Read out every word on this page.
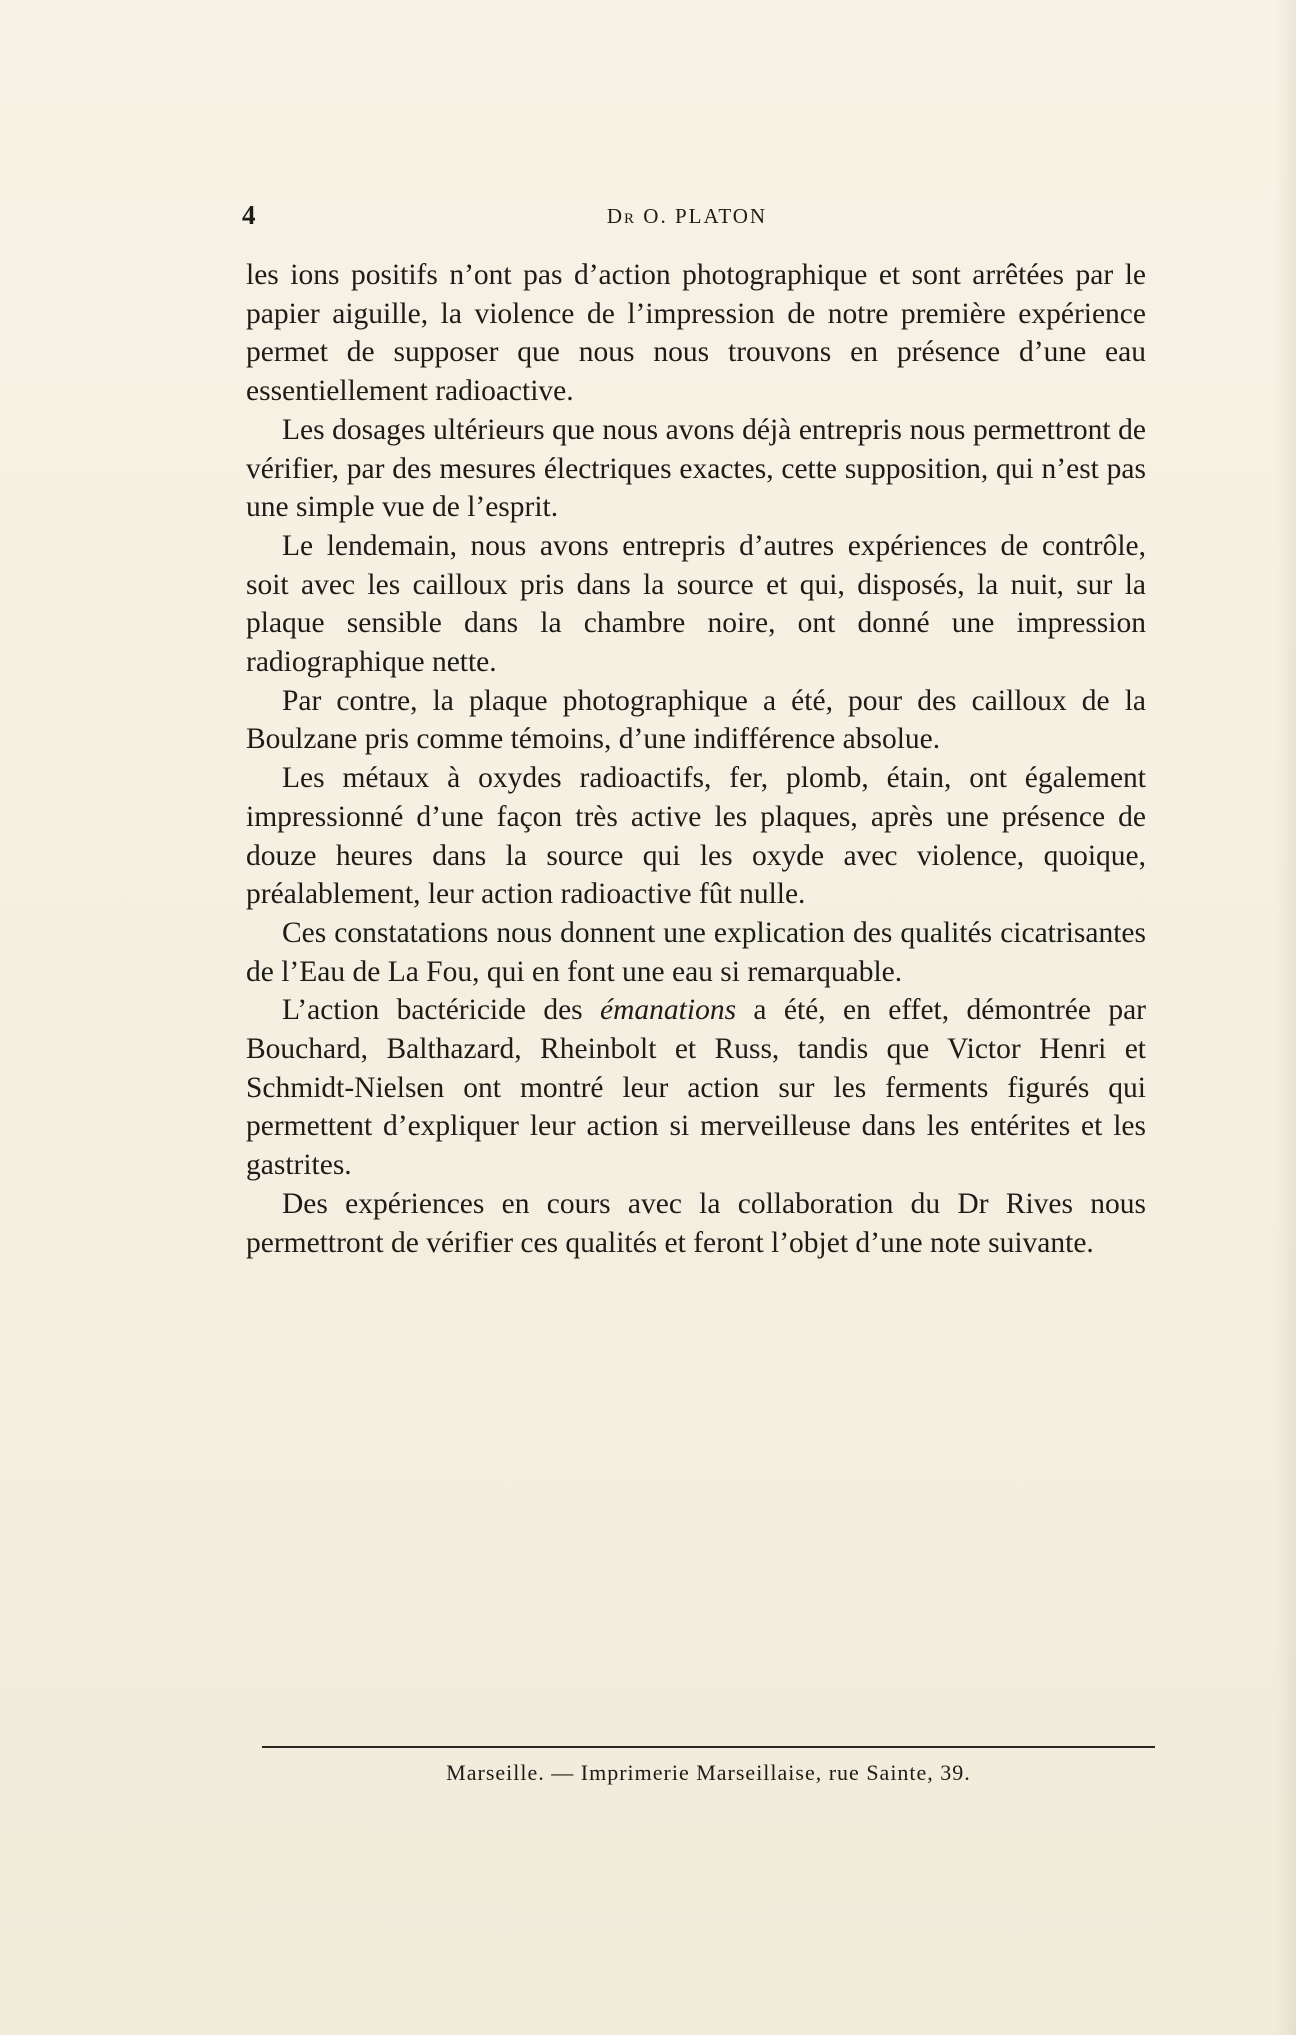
4	Dr O. PLATON

les ions positifs n’ont pas d’action photographique et sont arrêtées par le papier aiguille, la violence de l’impression de notre première expérience permet de supposer que nous nous trouvons en présence d’une eau essentiellement radioactive.

Les dosages ultérieurs que nous avons déjà entrepris nous permettront de vérifier, par des mesures électriques exactes, cette supposition, qui n’est pas une simple vue de l’esprit.

Le lendemain, nous avons entrepris d’autres expériences de contrôle, soit avec les cailloux pris dans la source et qui, disposés, la nuit, sur la plaque sensible dans la chambre noire, ont donné une impression radiographique nette.

Par contre, la plaque photographique a été, pour des cailloux de la Boulzane pris comme témoins, d’une indifférence absolue.

Les métaux à oxydes radioactifs, fer, plomb, étain, ont également impressionné d’une façon très active les plaques, après une présence de douze heures dans la source qui les oxyde avec violence, quoique, préalablement, leur action radioactive fût nulle.

Ces constatations nous donnent une explication des qualités cicatrisantes de l’Eau de La Fou, qui en font une eau si remarquable.

L’action bactéricide des émanations a été, en effet, démontrée par Bouchard, Balthazard, Rheinbolt et Russ, tandis que Victor Henri et Schmidt-Nielsen ont montré leur action sur les ferments figurés qui permettent d’expliquer leur action si merveilleuse dans les entérites et les gastrites.

Des expériences en cours avec la collaboration du Dr Rives nous permettront de vérifier ces qualités et feront l’objet d’une note suivante.

Marseille. — Imprimerie Marseillaise, rue Sainte, 39.
